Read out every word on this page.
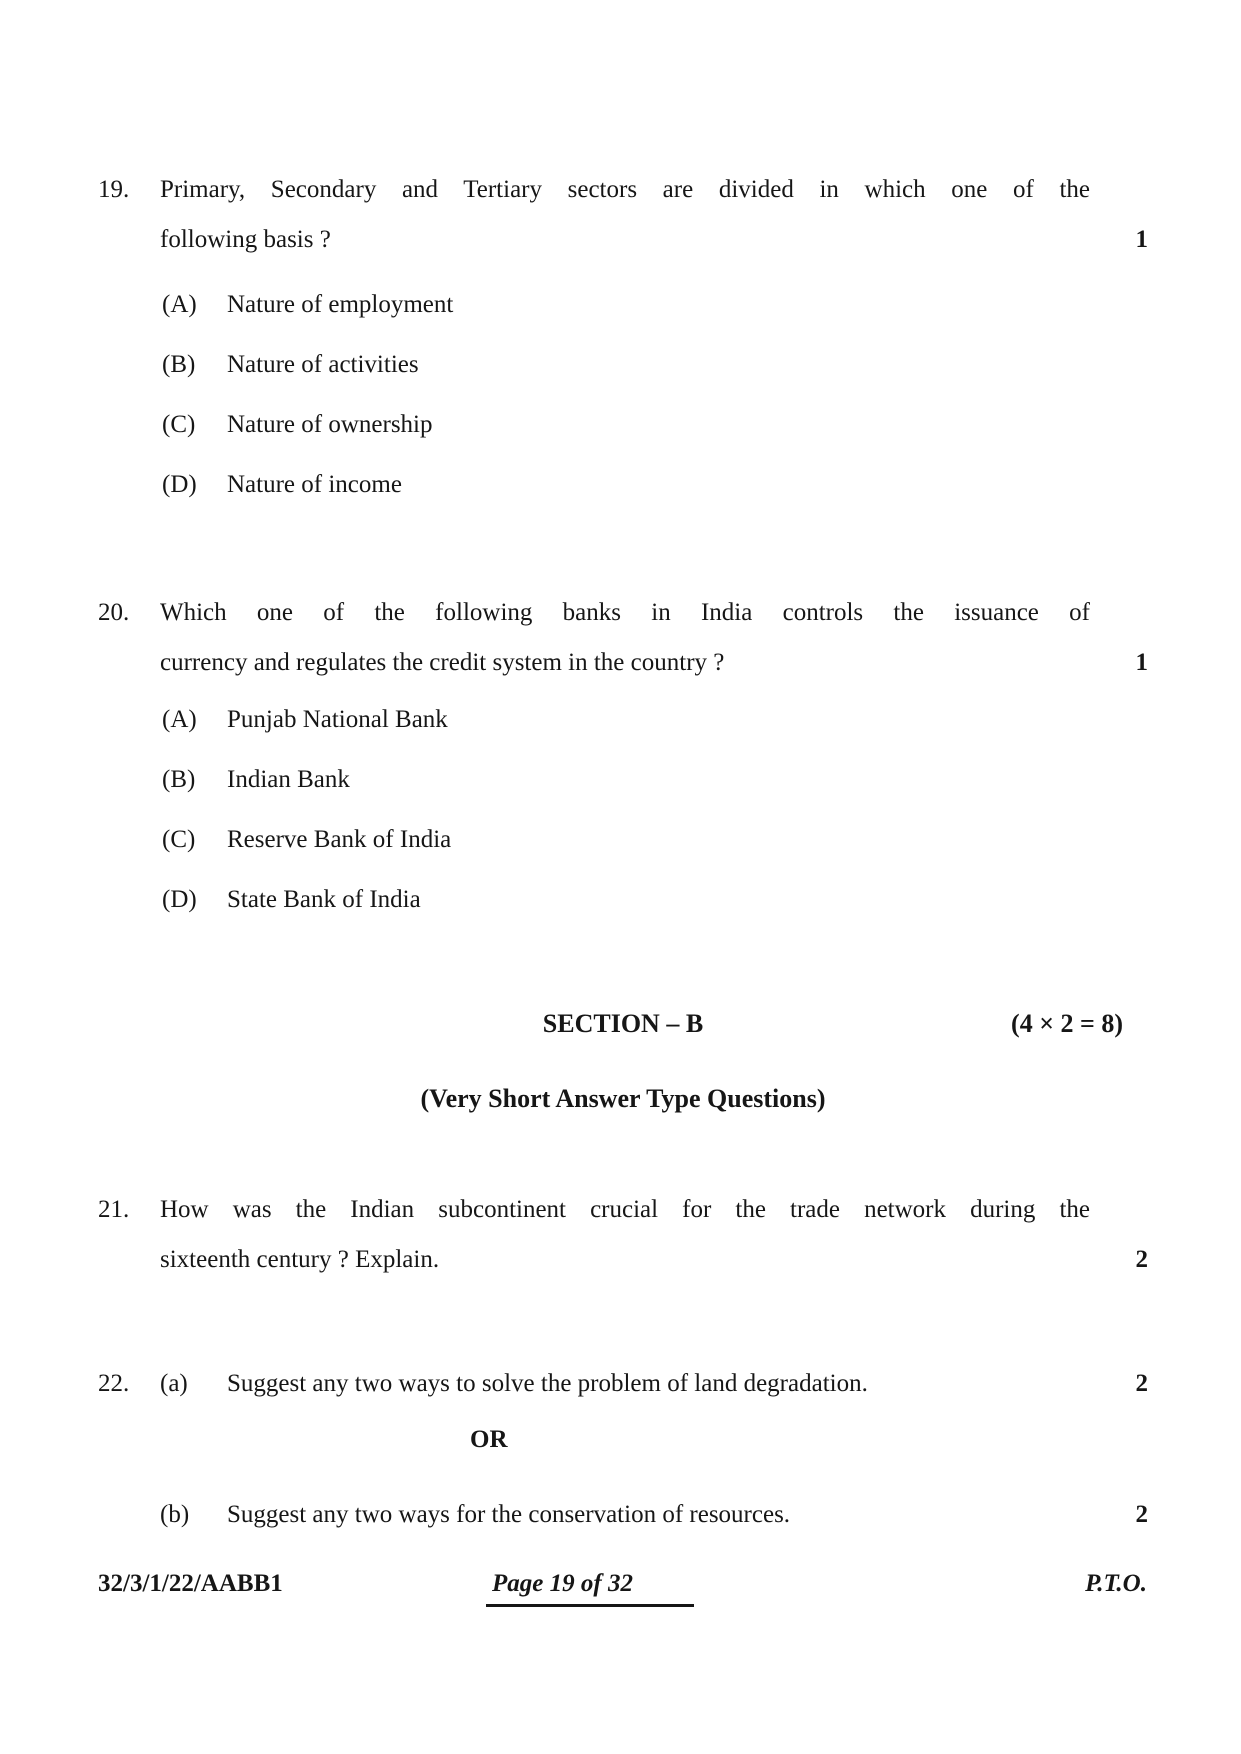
19.	Primary, Secondary and Tertiary sectors are divided in which one of the
following basis ?	1
(A)	Nature of employment
(B)	Nature of activities
(C)	Nature of ownership
(D)	Nature of income
20.	Which one of the following banks in India controls the issuance of
currency and regulates the credit system in the country ?	1
(A)	Punjab National Bank
(B)	Indian Bank
(C)	Reserve Bank of India
(D)	State Bank of India
SECTION – B	(4 × 2 = 8)
(Very Short Answer Type Questions)
21.	How was the Indian subcontinent crucial for the trade network during the
sixteenth century ? Explain.	2
22.	(a)	Suggest any two ways to solve the problem of land degradation.	2
OR
(b)	Suggest any two ways for the conservation of resources.	2
32/3/1/22/AABB1	Page 19 of 32	P.T.O.
